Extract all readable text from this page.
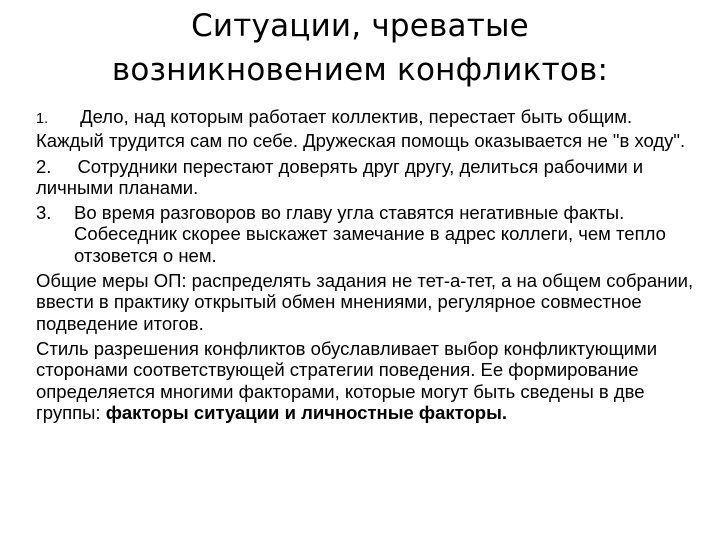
Ситуации, чреватые
возникновением конфликтов:

1. Дело, над которым работает коллектив, перестает быть общим. Каждый трудится сам по себе. Дружеская помощь оказывается не "в ходу".

2. Сотрудники перестают доверять друг другу, делиться рабочими и личными планами.

3. Во время разговоров во главу угла ставятся негативные факты. Собеседник скорее выскажет замечание в адрес коллеги, чем тепло отзовется о нем.

Общие меры ОП: распределять задания не тет-а-тет, а на общем собрании, ввести в практику открытый обмен мнениями, регулярное совместное подведение итогов.

Стиль разрешения конфликтов обуславливает выбор конфликтующими сторонами соответствующей стратегии поведения. Ее формирование определяется многими факторами, которые могут быть сведены в две группы: факторы ситуации и личностные факторы.
